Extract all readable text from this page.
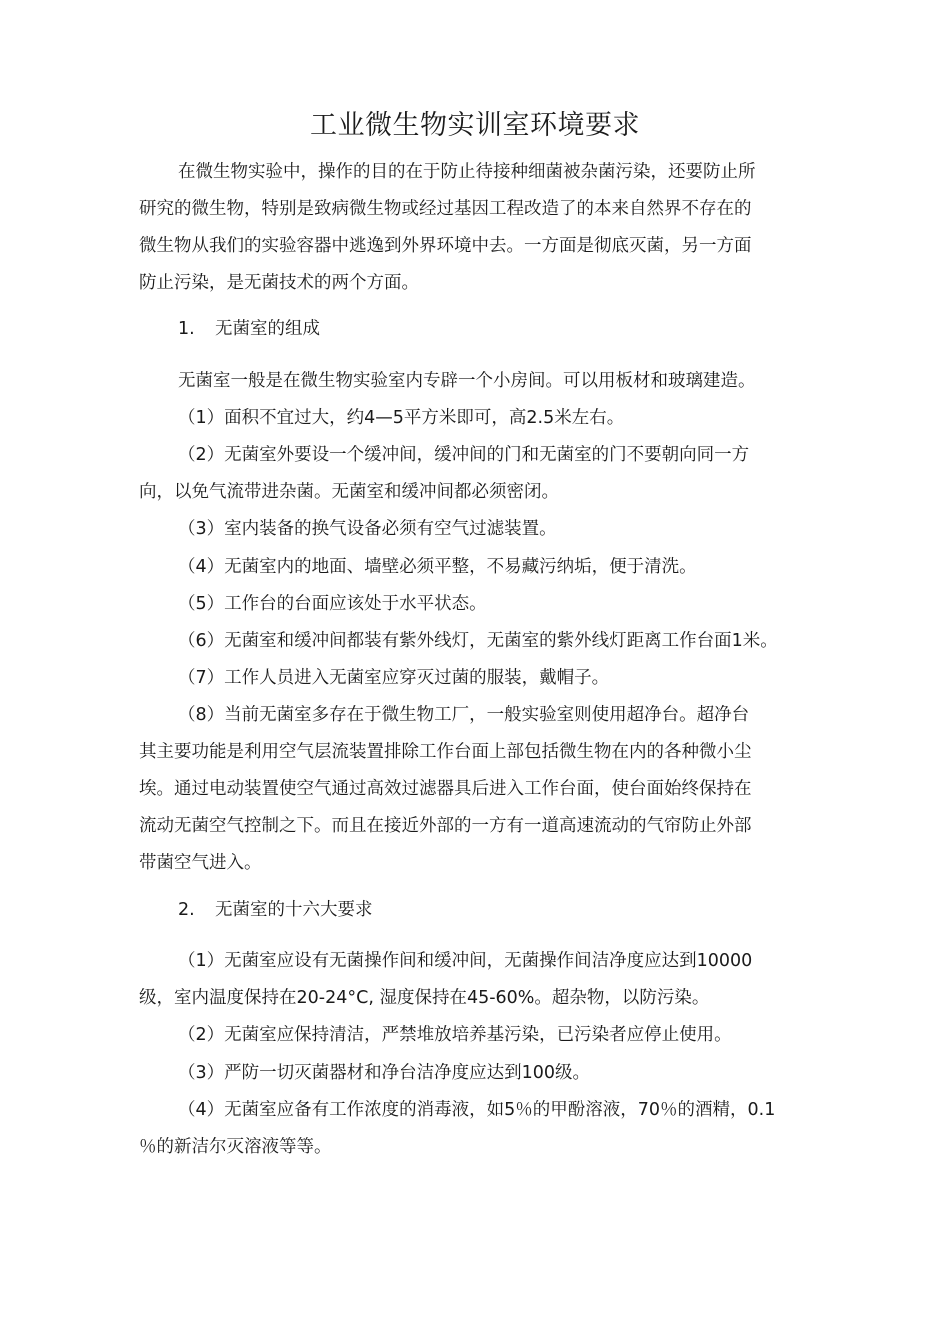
工业微生物实训室环境要求
在微生物实验中，操作的目的在于防止待接种细菌被杂菌污染，还要防止所
研究的微生物，特别是致病微生物或经过基因工程改造了的本来自然界不存在的
微生物从我们的实验容器中逃逸到外界环境中去。一方面是彻底灭菌，另一方面
防止污染，是无菌技术的两个方面。
1. 无菌室的组成
无菌室一般是在微生物实验室内专辟一个小房间。可以用板材和玻璃建造。
（1）面积不宜过大，约4—5平方米即可，高2.5米左右。
（2）无菌室外要设一个缓冲间，缓冲间的门和无菌室的门不要朝向同一方
向，以免气流带进杂菌。无菌室和缓冲间都必须密闭。
（3）室内装备的换气设备必须有空气过滤装置。
（4）无菌室内的地面、墙壁必须平整，不易藏污纳垢，便于清洗。
（5）工作台的台面应该处于水平状态。
（6）无菌室和缓冲间都装有紫外线灯，无菌室的紫外线灯距离工作台面1米。
（7）工作人员进入无菌室应穿灭过菌的服装，戴帽子。
（8）当前无菌室多存在于微生物工厂，一般实验室则使用超净台。超净台
其主要功能是利用空气层流装置排除工作台面上部包括微生物在内的各种微小尘
埃。通过电动装置使空气通过高效过滤器具后进入工作台面，使台面始终保持在
流动无菌空气控制之下。而且在接近外部的一方有一道高速流动的气帘防止外部
带菌空气进入。
2. 无菌室的十六大要求
（1）无菌室应设有无菌操作间和缓冲间，无菌操作间洁净度应达到10000
级，室内温度保持在20-24°C, 湿度保持在45-60%。超杂物，以防污染。
（2）无菌室应保持清洁，严禁堆放培养基污染，已污染者应停止使用。
（3）严防一切灭菌器材和净台洁净度应达到100级。
（4）无菌室应备有工作浓度的消毒液，如5％的甲酚溶液，70％的酒精，0.1
％的新洁尔灭溶液等等。
